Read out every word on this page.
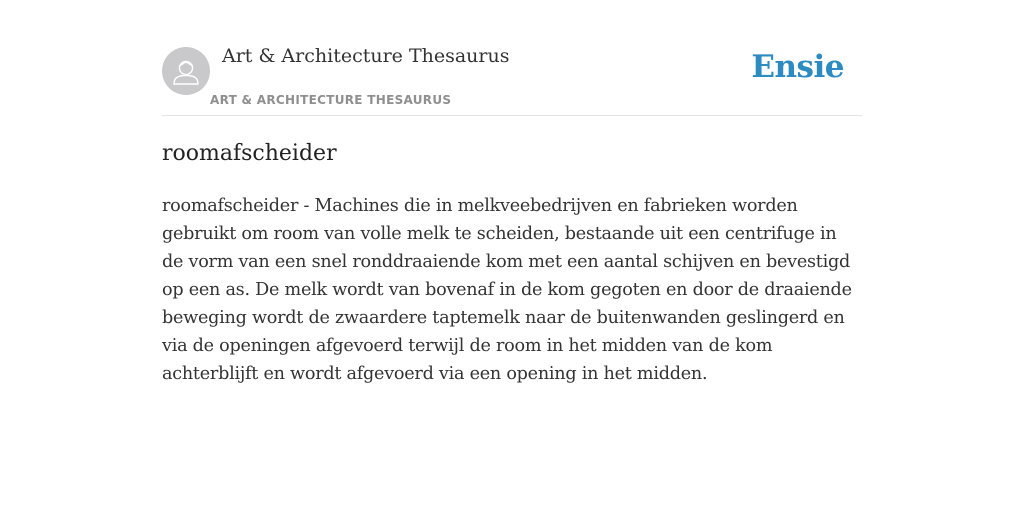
Art & Architecture Thesaurus
ART & ARCHITECTURE THESAURUS
Ensie
roomafscheider

roomafscheider - Machines die in melkveebedrijven en fabrieken worden gebruikt om room van volle melk te scheiden, bestaande uit een centrifuge in de vorm van een snel ronddraaiende kom met een aantal schijven en bevestigd op een as. De melk wordt van bovenaf in de kom gegoten en door de draaiende beweging wordt de zwaardere taptemelk naar de buitenwanden geslingerd en via de openingen afgevoerd terwijl de room in het midden van de kom achterblijft en wordt afgevoerd via een opening in het midden.
